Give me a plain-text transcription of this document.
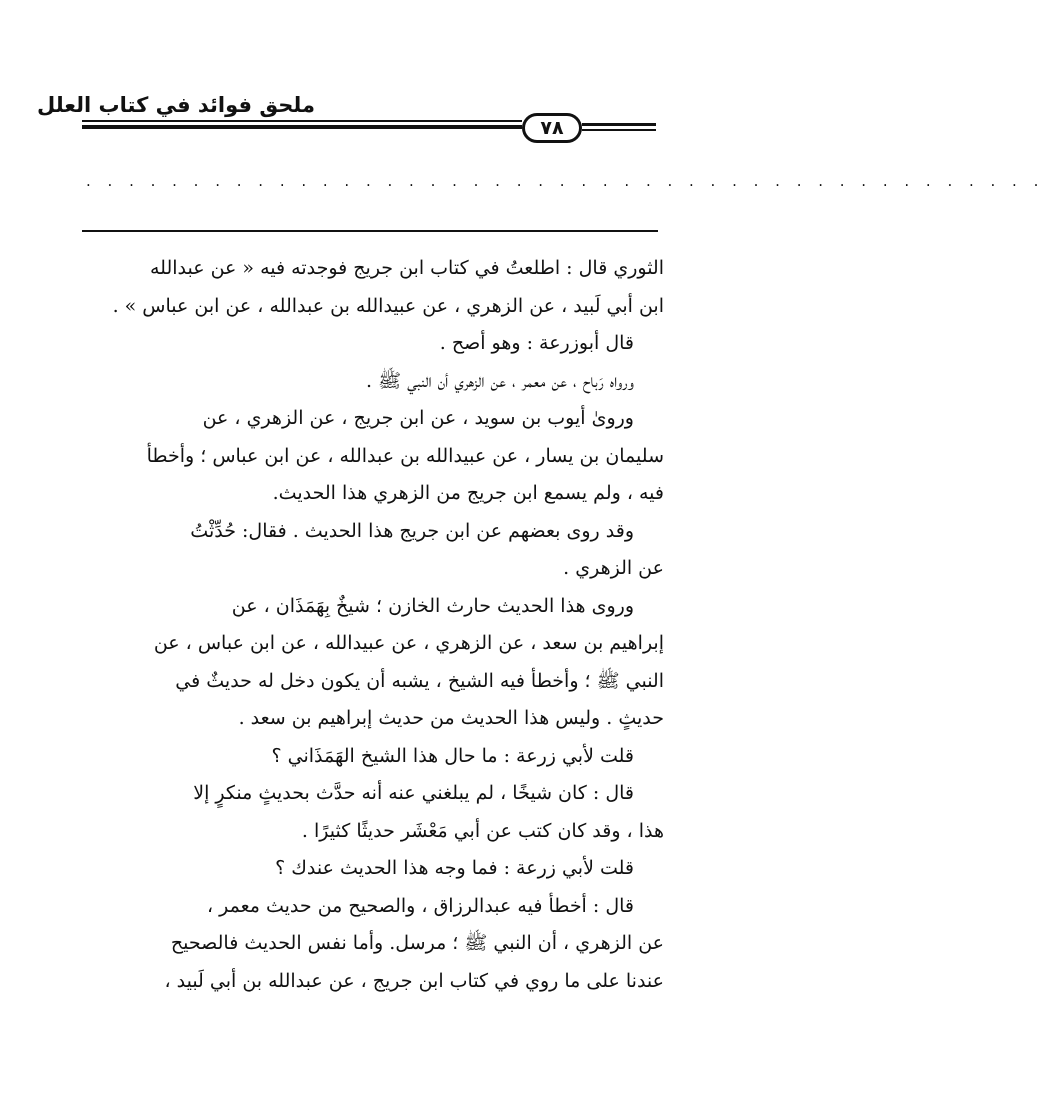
ملحق فوائد في كتاب العلل
٧٨
. . . . . . . . . . . . . . . . . . . . . . . . . . . . . . . . . . . . . . . . . . . . .
الثوري قال : اطلعتُ في كتاب ابن جريج فوجدته فيه « عن عبدالله
ابن أبي لَبيد ، عن الزهري ، عن عبيدالله بن عبدالله ، عن ابن عباس » .
قال أبوزرعة : وهو أصح .
ورواه رَباح ، عن معمر ، عن الزهري أن النبي ﷺ .
وروىٰ أيوب بن سويد ، عن ابن جريج ، عن الزهري ، عن
سليمان بن يسار ، عن عبيدالله بن عبدالله ، عن ابن عباس ؛ وأخطأ
فيه ، ولم يسمع ابن جريج من الزهري هذا الحديث.
وقد روى بعضهم عن ابن جريج هذا الحديث . فقال: حُدِّثْتُ
عن الزهري .
وروى هذا الحديث حارث الخازن ؛ شيخٌ بِهَمَذَان ، عن
إبراهيم بن سعد ، عن الزهري ، عن عبيدالله ، عن ابن عباس ، عن
النبي ﷺ ؛ وأخطأ فيه الشيخ ، يشبه أن يكون دخل له حديثٌ في
حديثٍ . وليس هذا الحديث من حديث إبراهيم بن سعد .
قلت لأبي زرعة : ما حال هذا الشيخ الهَمَذَاني ؟
قال : كان شيخًا ، لم يبلغني عنه أنه حدَّث بحديثٍ منكرٍ إلا
هذا ، وقد كان كتب عن أبي مَعْشَر حديثًا كثيرًا .
قلت لأبي زرعة : فما وجه هذا الحديث عندك ؟
قال : أخطأ فيه عبدالرزاق ، والصحيح من حديث معمر ،
عن الزهري ، أن النبي ﷺ ؛ مرسل. وأما نفس الحديث فالصحيح
عندنا على ما روي في كتاب ابن جريج ، عن عبدالله بن أبي لَبيد ،
